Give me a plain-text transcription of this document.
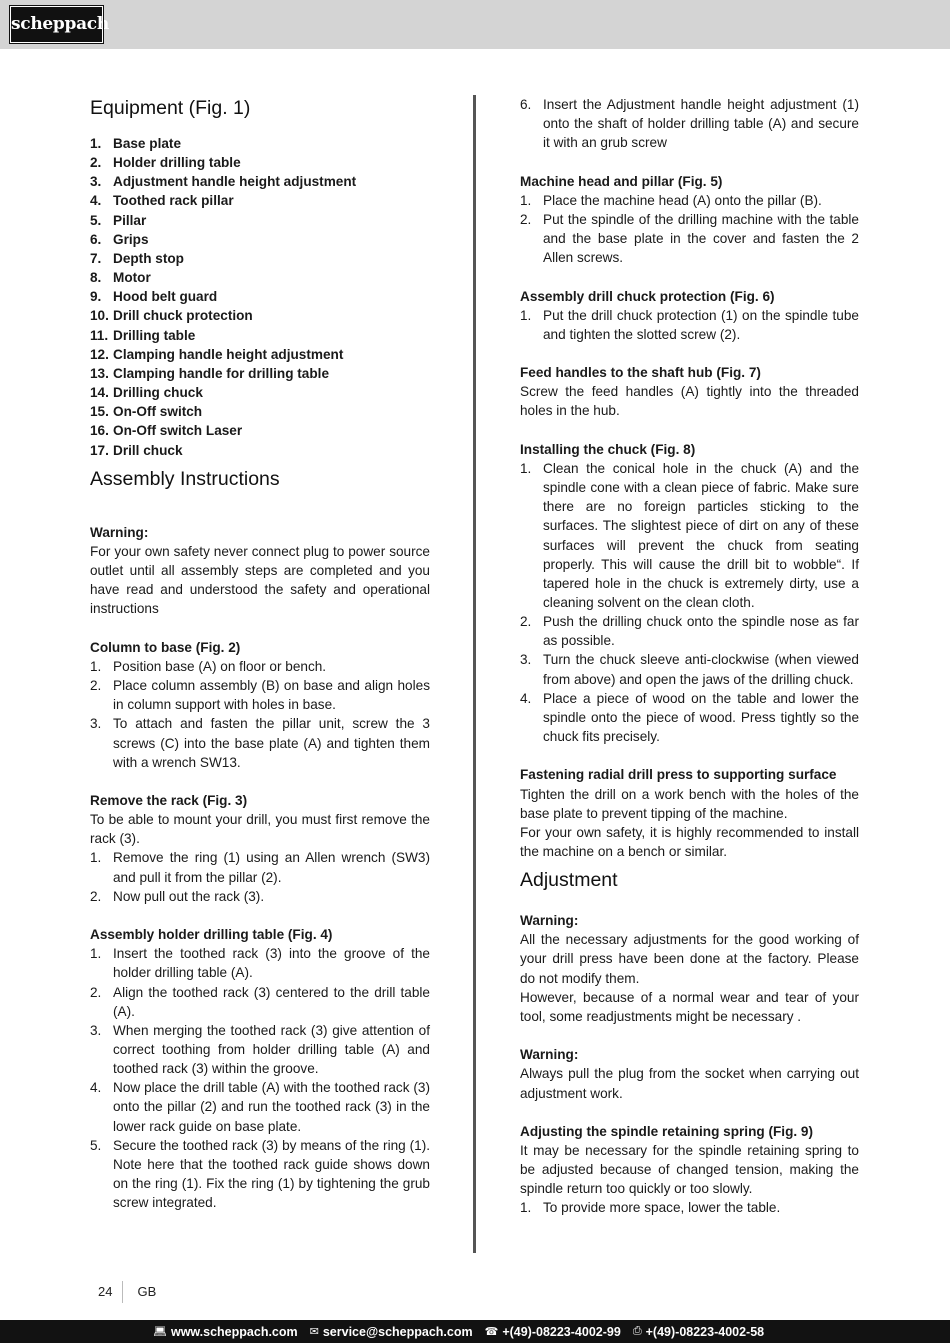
scheppach
Equipment (Fig. 1)
1. Base plate
2. Holder drilling table
3. Adjustment handle height adjustment
4. Toothed rack pillar
5. Pillar
6. Grips
7. Depth stop
8. Motor
9. Hood belt guard
10. Drill chuck protection
11. Drilling table
12. Clamping handle height adjustment
13. Clamping handle for drilling table
14. Drilling chuck
15. On-Off switch
16. On-Off switch Laser
17. Drill chuck
Assembly Instructions
Warning:

For your own safety never connect plug to power source outlet until all assembly steps are completed and you have read and understood the safety and operational instructions

Column to base (Fig. 2)
1. Position base (A) on floor or bench.
2. Place column assembly (B) on base and align holes in column support with holes in base.
3. To attach and fasten the pillar unit, screw the 3 screws (C) into the base plate (A) and tighten them with a wrench SW13.
Remove the rack (Fig. 3)

To be able to mount your drill, you must first remove the rack (3).

1. Remove the ring (1) using an Allen wrench (SW3) and pull it from the pillar (2).
2. Now pull out the rack (3).
Assembly holder drilling table (Fig. 4)
1. Insert the toothed rack (3) into the groove of the holder drilling table (A).
2. Align the toothed rack (3) centered to the drill table (A).
3. When merging the toothed rack (3) give attention of correct toothing from holder drilling table (A) and toothed rack (3) within the groove.
4. Now place the drill table (A) with the toothed rack (3) onto the pillar (2) and run the toothed rack (3) in the lower rack guide on base plate.
5. Secure the toothed rack (3) by means of the ring (1). Note here that the toothed rack guide shows down on the ring (1). Fix the ring (1) by tightening the grub screw integrated.
6. Insert the Adjustment handle height adjustment (1) onto the shaft of holder drilling table (A) and secure it with an grub screw
Machine head and pillar (Fig. 5)
1. Place the machine head (A) onto the pillar (B).
2. Put the spindle of the drilling machine with the table and the base plate in the cover and fasten the 2 Allen screws.
Assembly drill chuck protection (Fig. 6)
1. Put the drill chuck protection (1) on the spindle tube and tighten the slotted screw (2).
Feed handles to the shaft hub (Fig. 7)

Screw the feed handles (A) tightly into the threaded holes in the hub.

Installing the chuck (Fig. 8)
1. Clean the conical hole in the chuck (A) and the spindle cone with a clean piece of fabric. Make sure there are no foreign particles sticking to the surfaces. The slightest piece of dirt on any of these surfaces will prevent the chuck from seating properly. This will cause the drill bit to wobble“. If tapered hole in the chuck is extremely dirty, use a cleaning solvent on the clean cloth.
2. Push the drilling chuck onto the spindle nose as far as possible.
3. Turn the chuck sleeve anti-clockwise (when viewed from above) and open the jaws of the drilling chuck.
4. Place a piece of wood on the table and lower the spindle onto the piece of wood. Press tightly so the chuck fits precisely.
Fastening radial drill press to supporting surface

Tighten the drill on a work bench with the holes of the base plate to prevent tipping of the machine.

For your own safety, it is highly recommended to install the machine on a bench or similar.

Adjustment
Warning:

All the necessary adjustments for the good working of your drill press have been done at the factory. Please do not modify them.

However, because of a normal wear and tear of your tool, some readjustments might be necessary .

Warning:

Always pull the plug from the socket when carrying out adjustment work.

Adjusting the spindle retaining spring (Fig. 9)

It may be necessary for the spindle retaining spring to be adjusted because of changed tension, making the spindle return too quickly or too slowly.

1. To provide more space, lower the table.
24	GB
💻︎ www.scheppach.com ✉︎ service@scheppach.com ☎︎ +(49)-08223-4002-99 ⎙ +(49)-08223-4002-58
